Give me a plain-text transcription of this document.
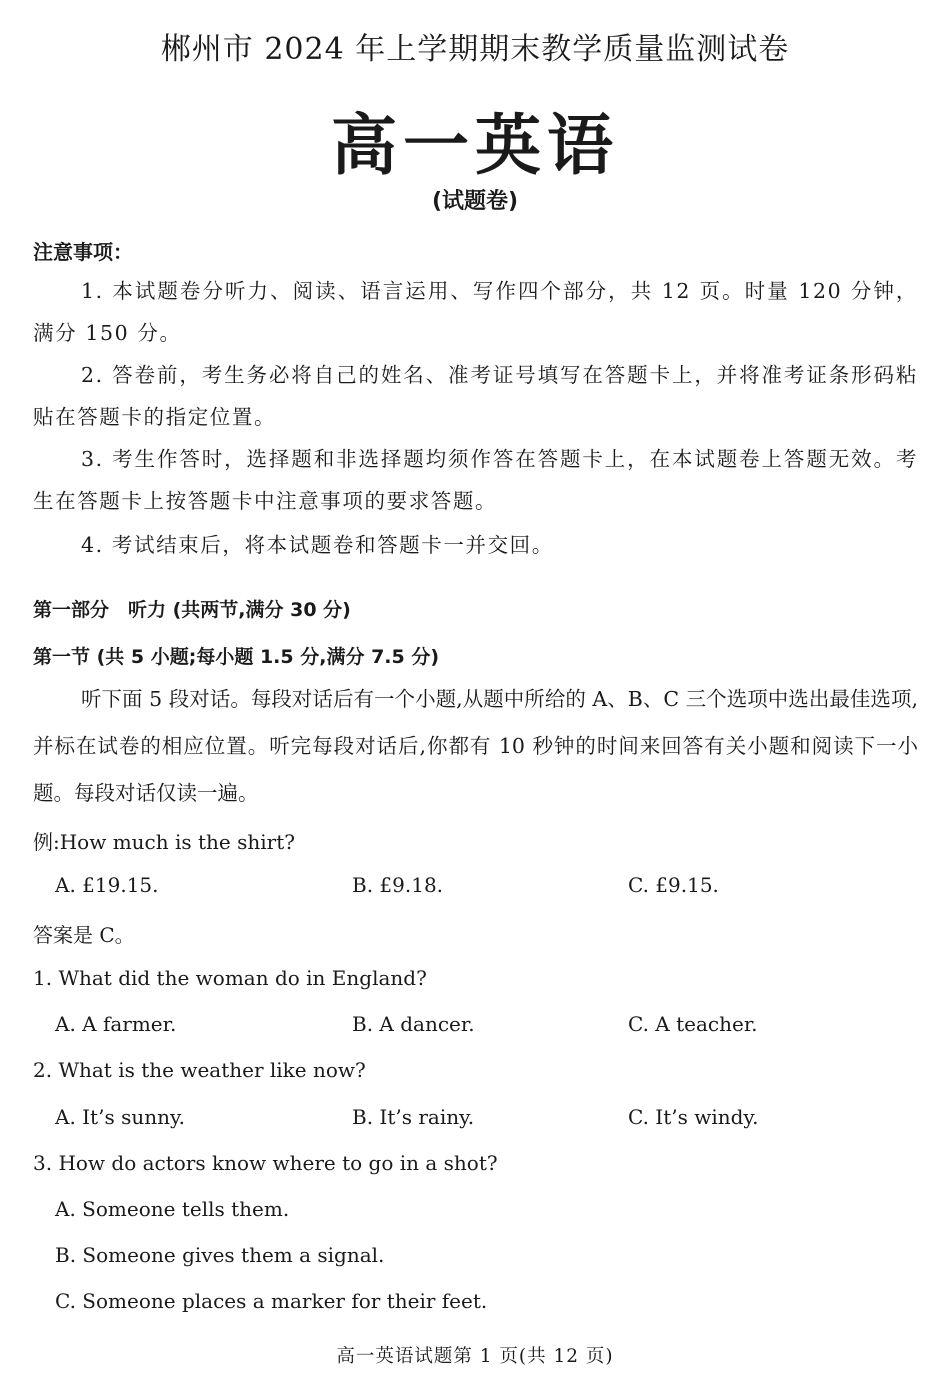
郴州市 2024 年上学期期末教学质量监测试卷
高一英语
(试题卷)
注意事项：
1. 本试题卷分听力、阅读、语言运用、写作四个部分，共 12 页。时量 120 分钟，满分 150 分。
2. 答卷前，考生务必将自己的姓名、准考证号填写在答题卡上，并将准考证条形码粘贴在答题卡的指定位置。
3. 考生作答时，选择题和非选择题均须作答在答题卡上，在本试题卷上答题无效。考生在答题卡上按答题卡中注意事项的要求答题。
4. 考试结束后，将本试题卷和答题卡一并交回。
第一部分　听力 (共两节,满分 30 分)
第一节 (共 5 小题;每小题 1.5 分,满分 7.5 分)
听下面 5 段对话。每段对话后有一个小题,从题中所给的 A、B、C 三个选项中选出最佳选项,并标在试卷的相应位置。听完每段对话后,你都有 10 秒钟的时间来回答有关小题和阅读下一小题。每段对话仅读一遍。
例:How much is the shirt?
A. £19.15.	B. £9.18.	C. £9.15.
答案是 C。
1. What did the woman do in England?
A. A farmer.	B. A dancer.	C. A teacher.
2. What is the weather like now?
A. It’s sunny.	B. It’s rainy.	C. It’s windy.
3. How do actors know where to go in a shot?
A. Someone tells them.
B. Someone gives them a signal.
C. Someone places a marker for their feet.
高一英语试题第 1 页(共 12 页)
